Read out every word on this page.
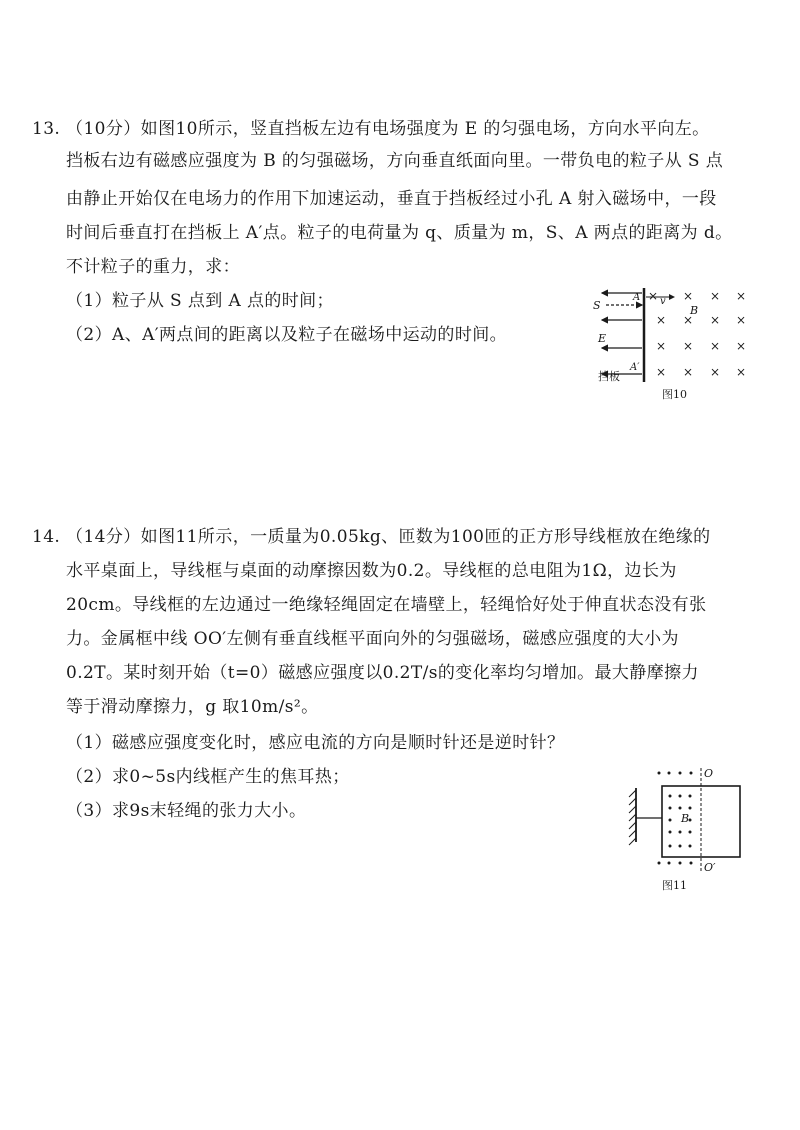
13. （10分）如图10所示，竖直挡板左边有电场强度为 E 的匀强电场，方向水平向左。
挡板右边有磁感应强度为 B 的匀强磁场，方向垂直纸面向里。一带负电的粒子从 S 点
由静止开始仅在电场力的作用下加速运动，垂直于挡板经过小孔 A 射入磁场中，一段
时间后垂直打在挡板上 A′点。粒子的电荷量为 q、质量为 m，S、A 两点的距离为 d。
不计粒子的重力，求：
（1）粒子从 S 点到 A 点的时间；
（2）A、A′两点间的距离以及粒子在磁场中运动的时间。
S
A
E
A′
挡板
v
B
× × ×
× × × ×
× × × ×
× × × ×
×
图10
14. （14分）如图11所示，一质量为0.05kg、匝数为100匝的正方形导线框放在绝缘的
水平桌面上，导线框与桌面的动摩擦因数为0.2。导线框的总电阻为1Ω，边长为
20cm。导线框的左边通过一绝缘轻绳固定在墙壁上，轻绳恰好处于伸直状态没有张
力。金属框中线 OO′左侧有垂直线框平面向外的匀强磁场，磁感应强度的大小为
0.2T。某时刻开始（t=0）磁感应强度以0.2T/s的变化率均匀增加。最大静摩擦力
等于滑动摩擦力，g 取10m/s²。
（1）磁感应强度变化时，感应电流的方向是顺时针还是逆时针？
（2）求0~5s内线框产生的焦耳热；
（3）求9s末轻绳的张力大小。
O
O′
B
图11
